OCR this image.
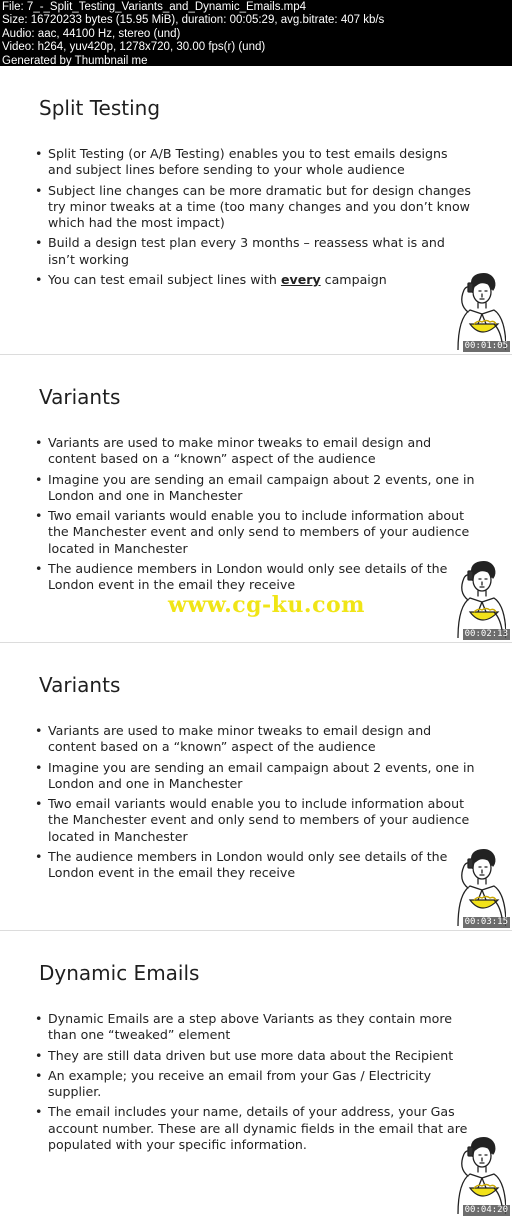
File: 7_-_Split_Testing_Variants_and_Dynamic_Emails.mp4
Size: 16720233 bytes (15.95 MiB), duration: 00:05:29, avg.bitrate: 407 kb/s
Audio: aac, 44100 Hz, stereo (und)
Video: h264, yuv420p, 1278x720, 30.00 fps(r) (und)
Generated by Thumbnail me
Split Testing
• Split Testing (or A/B Testing) enables you to test emails designs and subject lines before sending to your whole audience
• Subject line changes can be more dramatic but for design changes try minor tweaks at a time (too many changes and you don’t know which had the most impact)
• Build a design test plan every 3 months – reassess what is and isn’t working
• You can test email subject lines with every campaign
00:01:05
Variants
• Variants are used to make minor tweaks to email design and content based on a “known” aspect of the audience
• Imagine you are sending an email campaign about 2 events, one in London and one in Manchester
• Two email variants would enable you to include information about the Manchester event and only send to members of your audience located in Manchester
• The audience members in London would only see details of the London event in the email they receive
00:02:13
Variants
• Variants are used to make minor tweaks to email design and content based on a “known” aspect of the audience
• Imagine you are sending an email campaign about 2 events, one in London and one in Manchester
• Two email variants would enable you to include information about the Manchester event and only send to members of your audience located in Manchester
• The audience members in London would only see details of the London event in the email they receive
00:03:15
Dynamic Emails
• Dynamic Emails are a step above Variants as they contain more than one “tweaked” element
• They are still data driven but use more data about the Recipient
• An example; you receive an email from your Gas / Electricity supplier.
• The email includes your name, details of your address, your Gas account number. These are all dynamic fields in the email that are populated with your specific information.
00:04:20
www.cg-ku.com
